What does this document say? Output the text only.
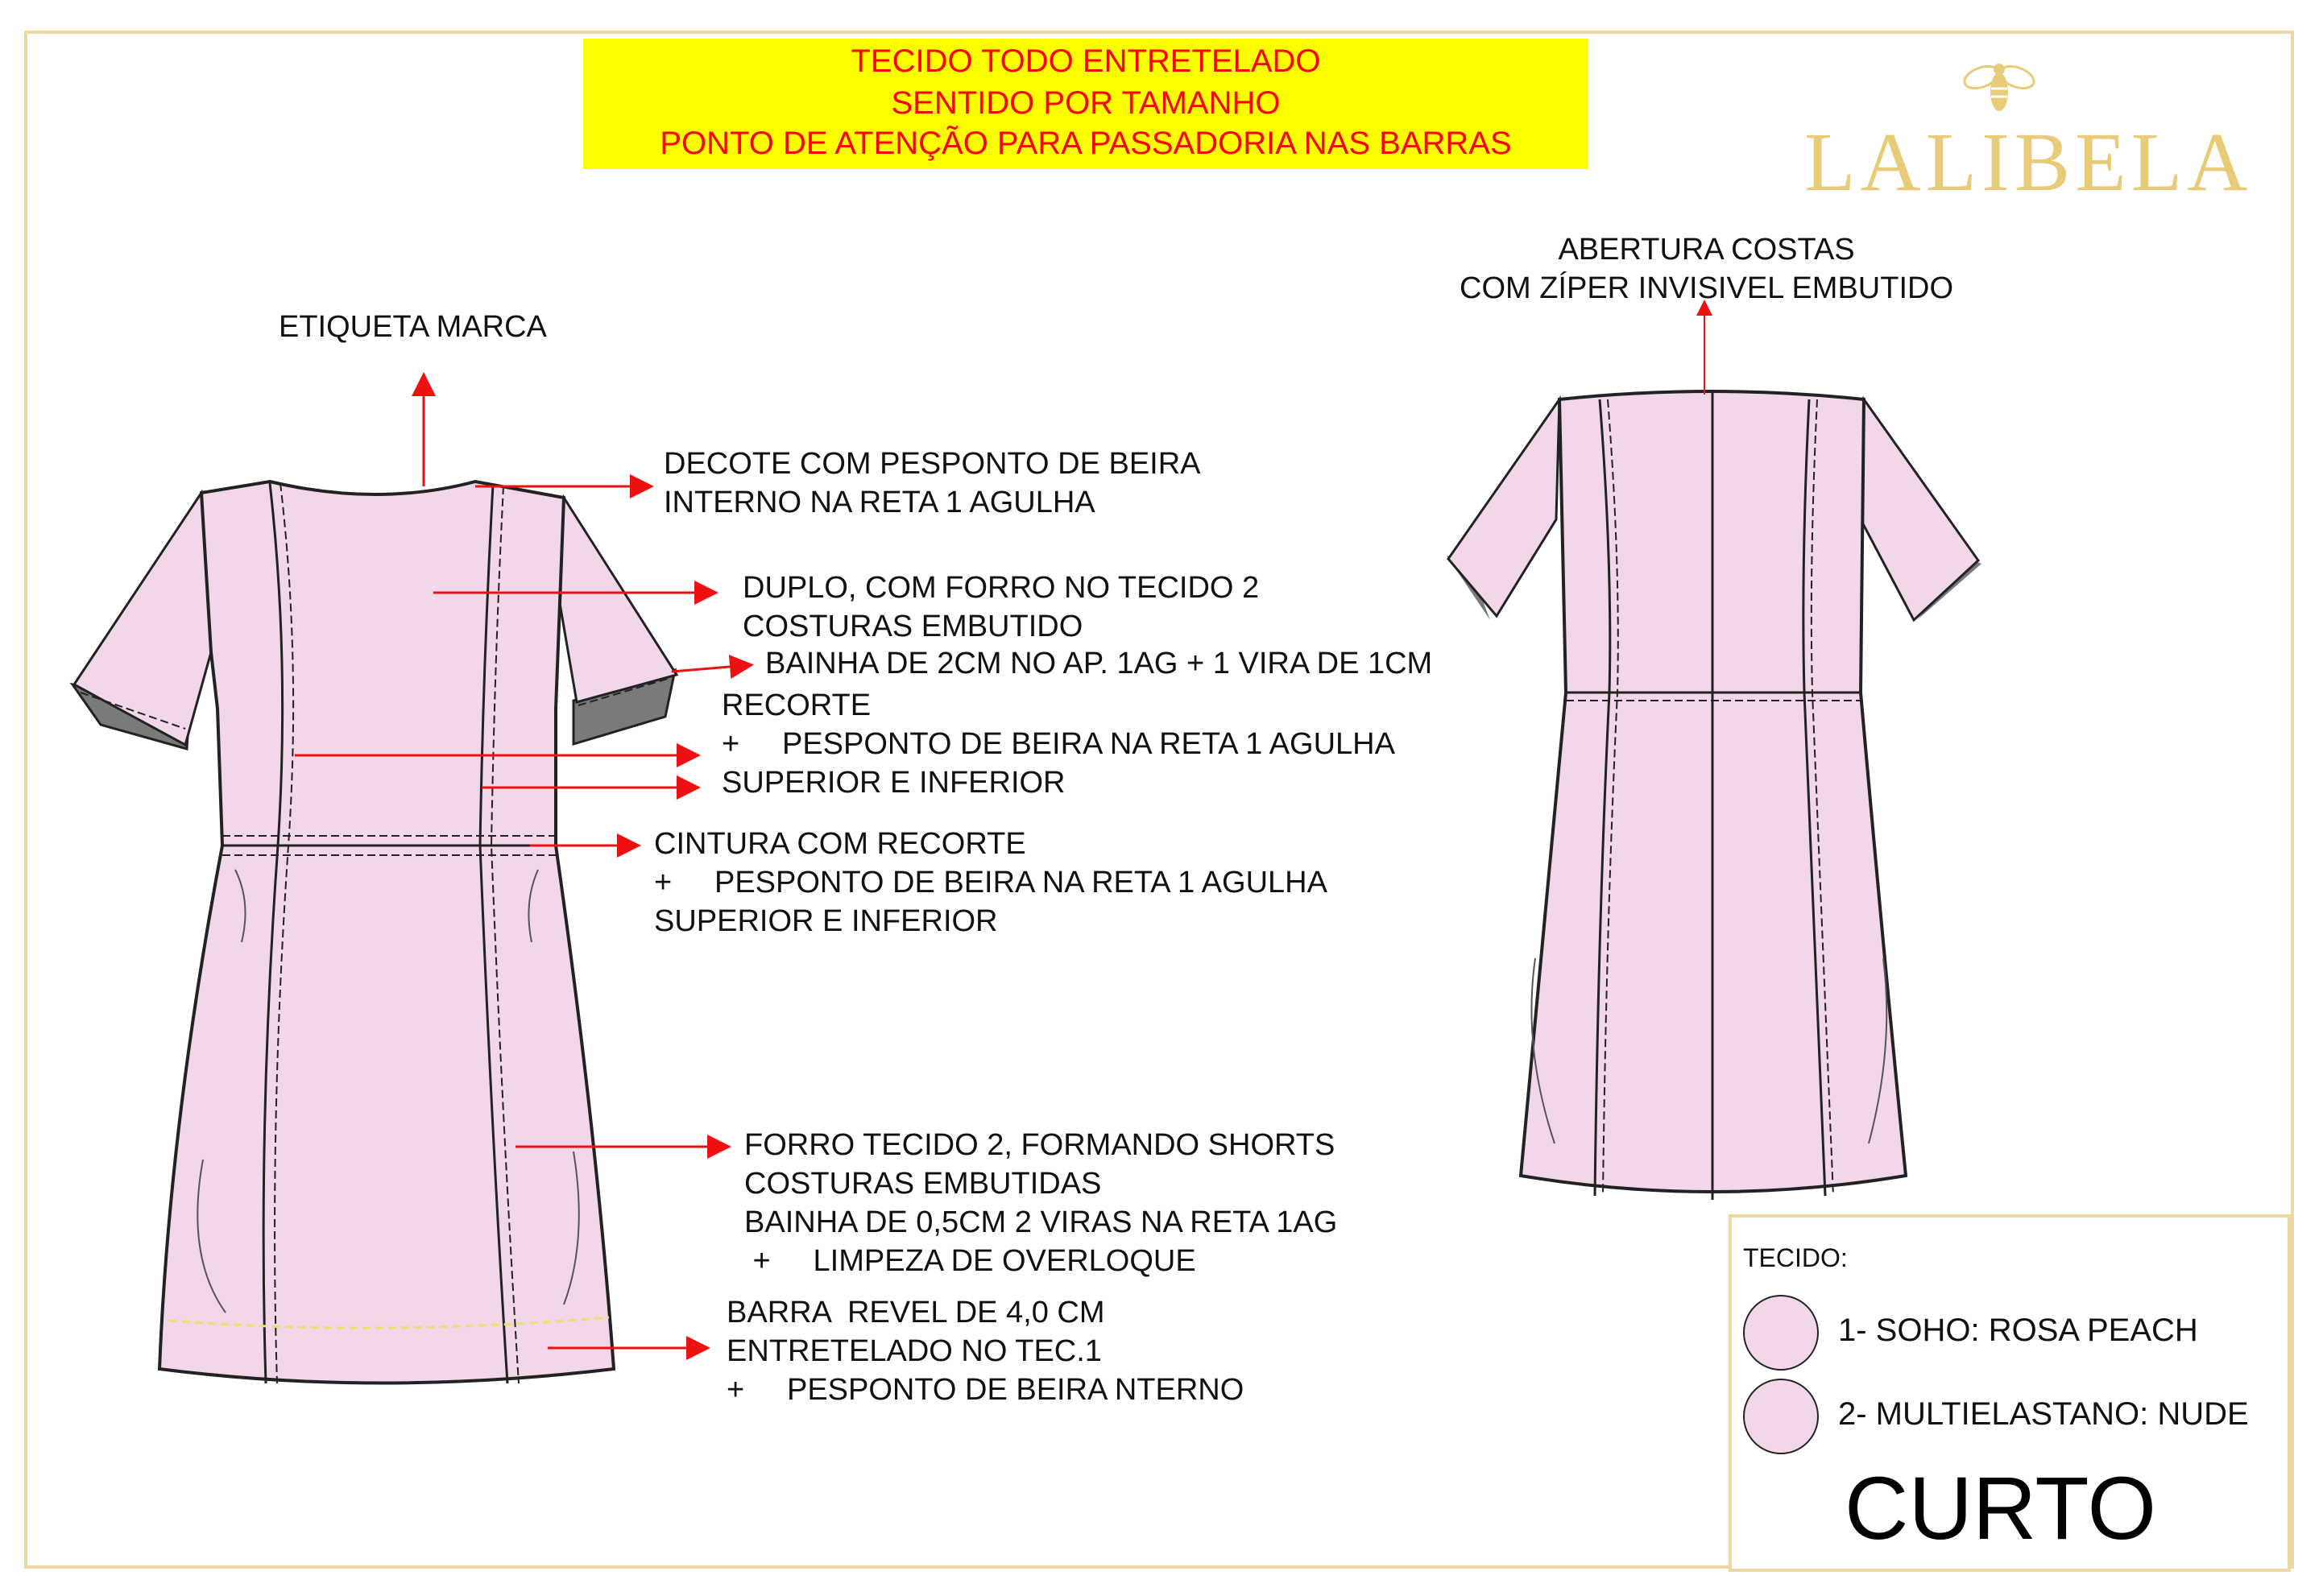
TECIDO TODO ENTRETELADO
SENTIDO POR TAMANHO
PONTO DE ATENÇÃO PARA PASSADORIA NAS BARRAS	LALIBELA
ETIQUETA MARCA
DECOTE COM PESPONTO DE BEIRA
INTERNO NA RETA 1 AGULHA
DUPLO, COM FORRO NO TECIDO 2
COSTURAS EMBUTIDO
BAINHA DE 2CM NO AP. 1AG + 1 VIRA DE 1CM
RECORTE
+     PESPONTO DE BEIRA NA RETA 1 AGULHA
SUPERIOR E INFERIOR
CINTURA COM RECORTE
+     PESPONTO DE BEIRA NA RETA 1 AGULHA
SUPERIOR E INFERIOR
FORRO TECIDO 2, FORMANDO SHORTS
COSTURAS EMBUTIDAS
BAINHA DE 0,5CM 2 VIRAS NA RETA 1AG
+     LIMPEZA DE OVERLOQUE
BARRA  REVEL DE 4,0 CM
ENTRETELADO NO TEC.1
+     PESPONTO DE BEIRA NTERNO
ABERTURA COSTAS
COM ZÍPER INVISIVEL EMBUTIDO
TECIDO:
1- SOHO: ROSA PEACH
2- MULTIELASTANO: NUDE
CURTO
